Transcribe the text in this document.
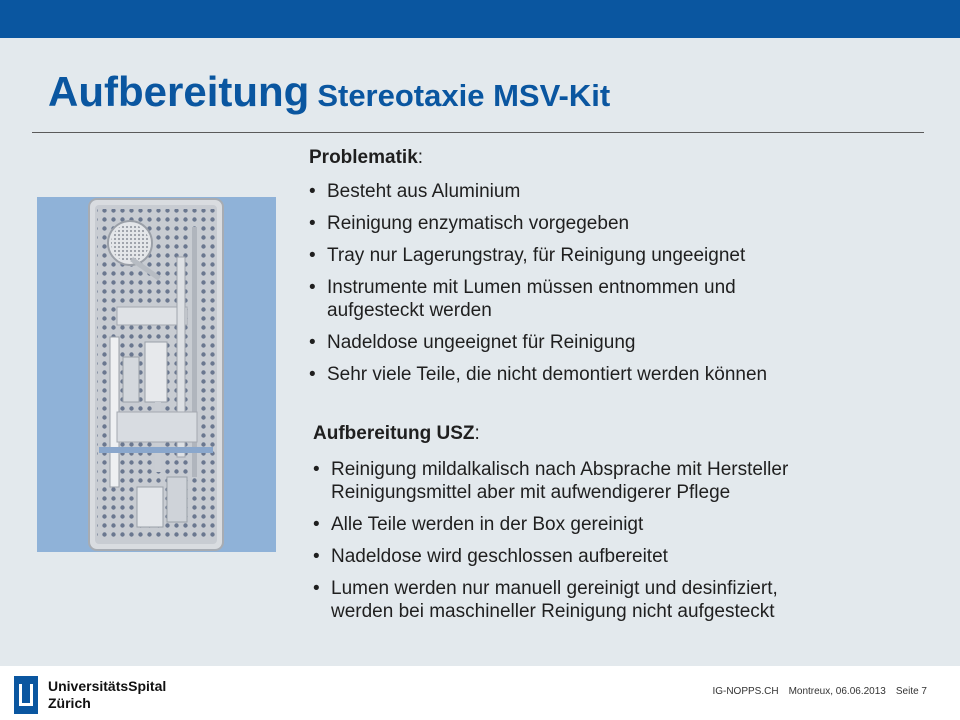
Aufbereitung Stereotaxie MSV-Kit
Problematik:
• Besteht aus Aluminium
• Reinigung enzymatisch vorgegeben
• Tray nur Lagerungstray, für Reinigung ungeeignet
• Instrumente mit Lumen müssen entnommen und
aufgesteckt werden
• Nadeldose ungeeignet für Reinigung
• Sehr viele Teile, die nicht demontiert werden können
Aufbereitung USZ:
• Reinigung mildalkalisch nach Absprache mit Hersteller
Reinigungsmittel aber mit aufwendigerer Pflege
• Alle Teile werden in der Box gereinigt
• Nadeldose wird geschlossen aufbereitet
• Lumen werden nur manuell gereinigt und desinfiziert,
werden bei maschineller Reinigung nicht aufgesteckt
UniversitätsSpital
Zürich
IG-NOPPS.CH Montreux, 06.06.2013 Seite 7
